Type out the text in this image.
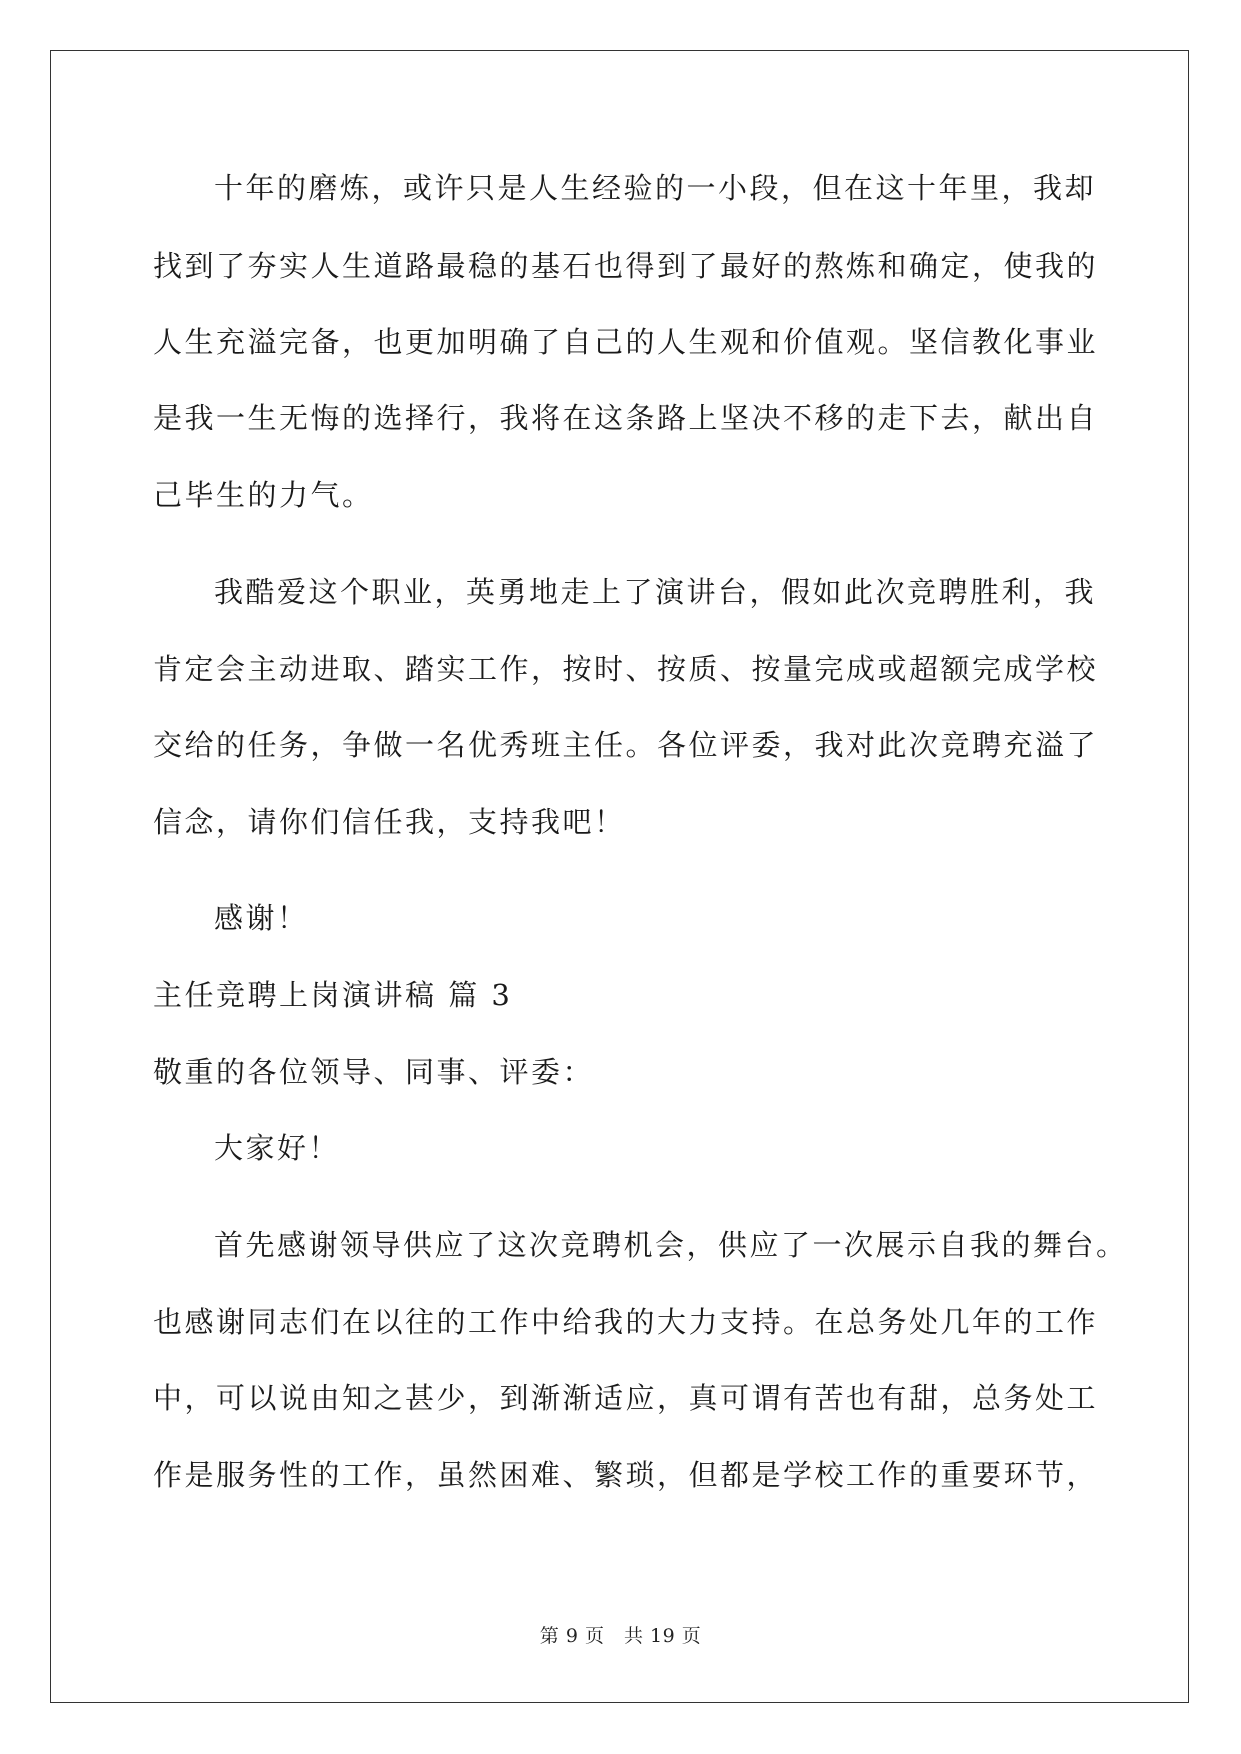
十年的磨炼，或许只是人生经验的一小段，但在这十年里，我却
找到了夯实人生道路最稳的基石也得到了最好的熬炼和确定，使我的
人生充溢完备，也更加明确了自己的人生观和价值观。坚信教化事业
是我一生无悔的选择行，我将在这条路上坚决不移的走下去，献出自
己毕生的力气。
我酷爱这个职业，英勇地走上了演讲台，假如此次竞聘胜利，我
肯定会主动进取、踏实工作，按时、按质、按量完成或超额完成学校
交给的任务，争做一名优秀班主任。各位评委，我对此次竞聘充溢了
信念，请你们信任我，支持我吧！
感谢！
主任竞聘上岗演讲稿 篇 3
敬重的各位领导、同事、评委：
大家好！
首先感谢领导供应了这次竞聘机会，供应了一次展示自我的舞台。
也感谢同志们在以往的工作中给我的大力支持。在总务处几年的工作
中，可以说由知之甚少，到渐渐适应，真可谓有苦也有甜，总务处工
作是服务性的工作，虽然困难、繁琐，但都是学校工作的重要环节，
第 9 页　共 19 页
